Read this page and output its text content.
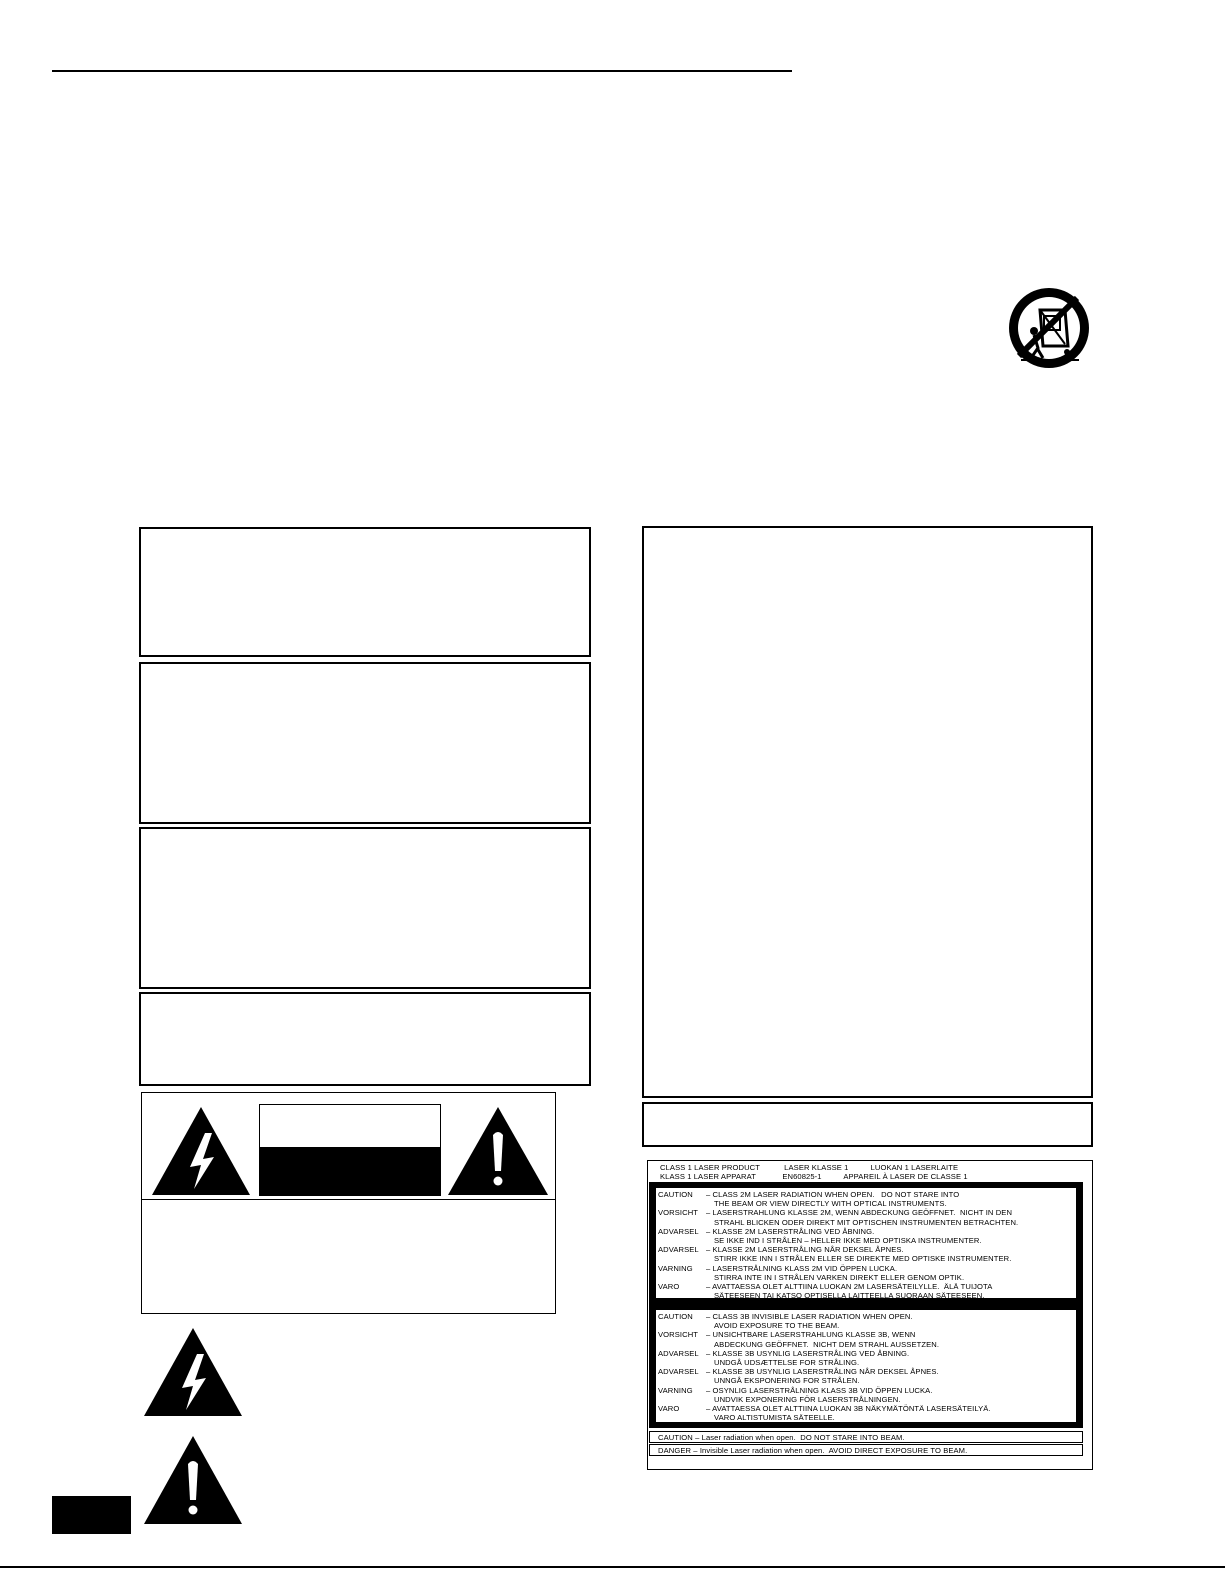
CLASS 1 LASER PRODUCT           LASER KLASSE 1          LUOKAN 1 LASERLAITE
KLASS 1 LASER APPARAT            EN60825-1          APPAREIL À LASER DE CLASSE 1
CAUTION – CLASS 2M LASER RADIATION WHEN OPEN.   DO NOT STARE INTO
THE BEAM OR VIEW DIRECTLY WITH OPTICAL INSTRUMENTS.
VORSICHT – LASERSTRAHLUNG KLASSE 2M, WENN ABDECKUNG GEÖFFNET.  NICHT IN DEN
STRAHL BLICKEN ODER DIREKT MIT OPTISCHEN INSTRUMENTEN BETRACHTEN.
ADVARSEL – KLASSE 2M LASERSTRÅLING VED ÅBNING.
SE IKKE IND I STRÅLEN – HELLER IKKE MED OPTISKA INSTRUMENTER.
ADVARSEL – KLASSE 2M LASERSTRÅLING NÅR DEKSEL ÅPNES.
STIRR IKKE INN I STRÅLEN ELLER SE DIREKTE MED OPTISKE INSTRUMENTER.
VARNING – LASERSTRÅLNING KLASS 2M VID ÖPPEN LUCKA.
STIRRA INTE IN I STRÅLEN VARKEN DIREKT ELLER GENOM OPTIK.
VARO	– AVATTAESSA OLET ALTTIINA LUOKAN 2M LASERSÄTEILYLLE.  ÄLÄ TUIJOTA
SÄTEESEEN TAI KATSO OPTISELLA LAITTEELLA SUORAAN SÄTEESEEN.
CAUTION – CLASS 3B INVISIBLE LASER RADIATION WHEN OPEN.
AVOID EXPOSURE TO THE BEAM.
VORSICHT – UNSICHTBARE LASERSTRAHLUNG KLASSE 3B, WENN
ABDECKUNG GEÖFFNET.  NICHT DEM STRAHL AUSSETZEN.
ADVARSEL – KLASSE 3B USYNLIG LASERSTRÅLING VED ÅBNING.
UNDGÅ UDSÆTTELSE FOR STRÅLING.
ADVARSEL – KLASSE 3B USYNLIG LASERSTRÅLING NÅR DEKSEL ÅPNES.
UNNGÅ EKSPONERING FOR STRÅLEN.
VARNING – OSYNLIG LASERSTRÅLNING KLASS 3B VID ÖPPEN LUCKA.
UNDVIK EXPONERING FÖR LASERSTRÅLNINGEN.
VARO	– AVATTAESSA OLET ALTTIINA LUOKAN 3B NÄKYMÄTÖNTÄ LASERSÄTEILYÄ.
VARO ALTISTUMISTA SÄTEELLE.
CAUTION – Laser radiation when open.  DO NOT STARE INTO BEAM.
DANGER – Invisible Laser radiation when open.  AVOID DIRECT EXPOSURE TO BEAM.
